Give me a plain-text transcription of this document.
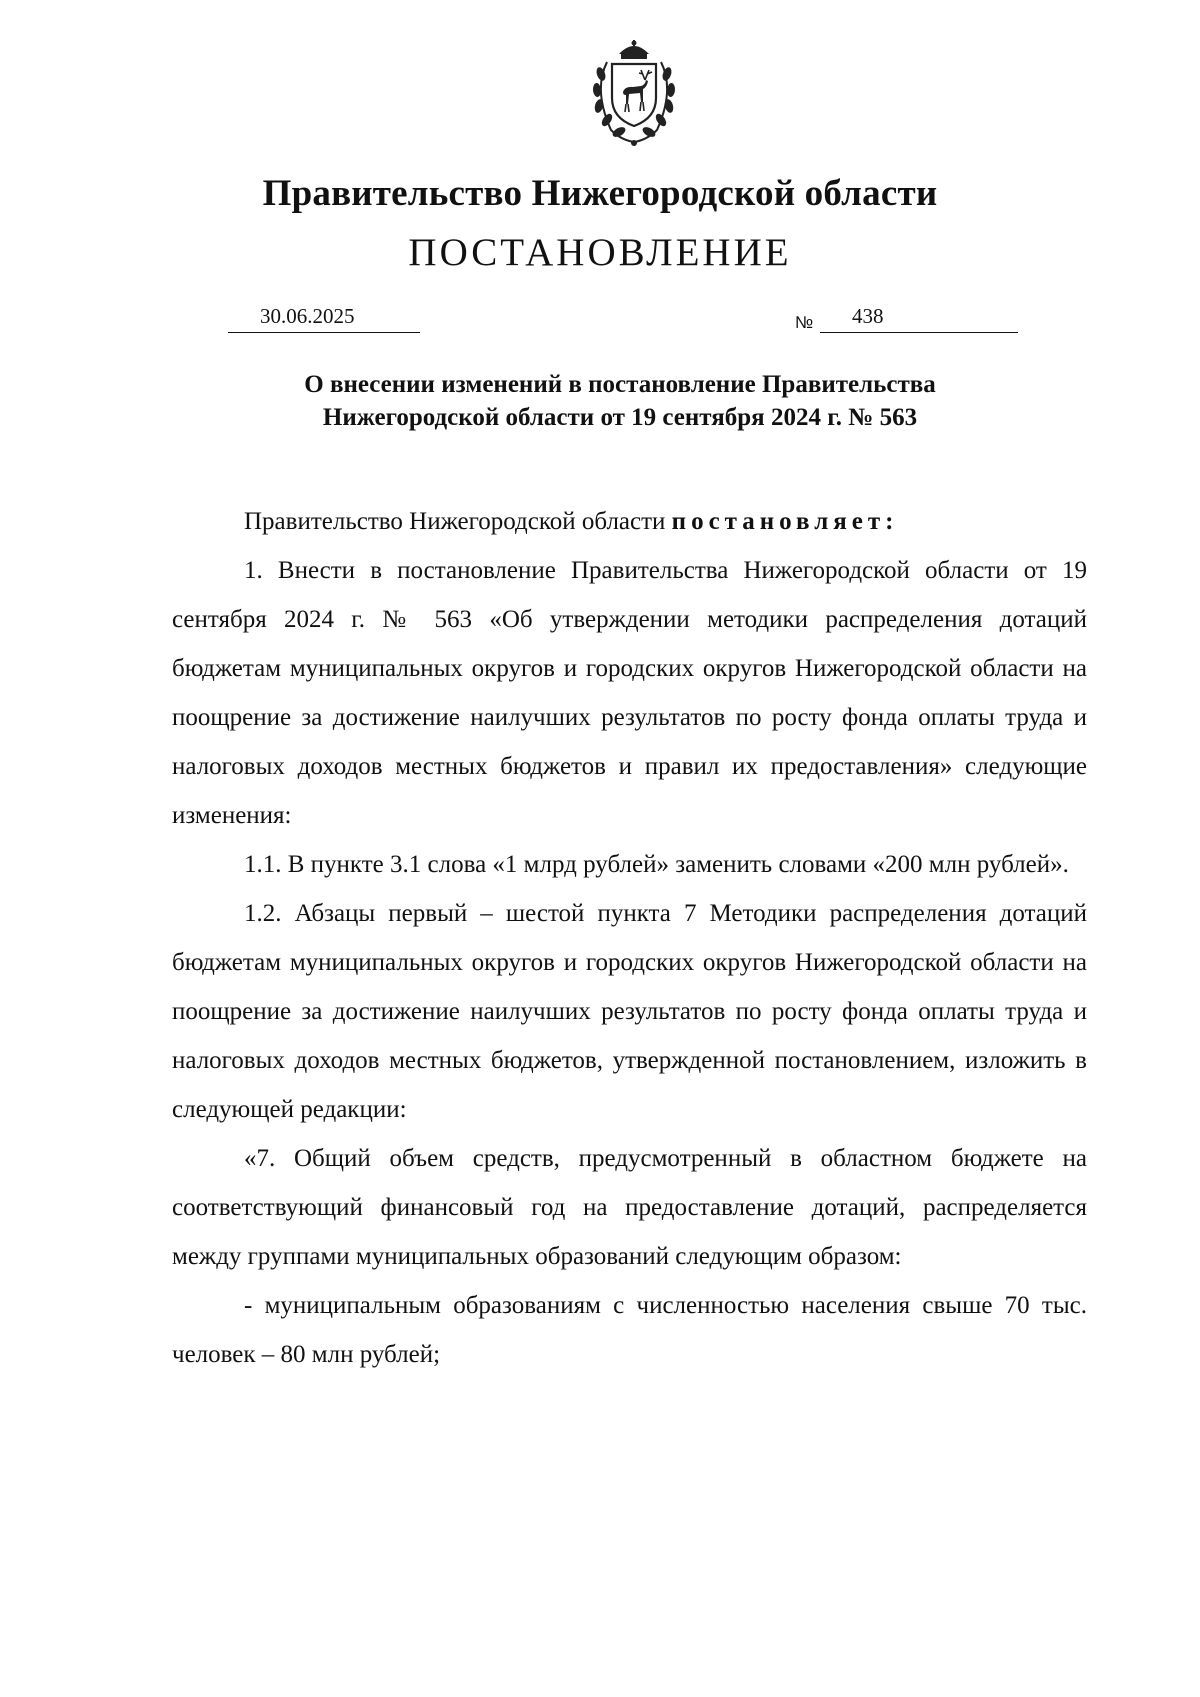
Правительство Нижегородской области
ПОСТАНОВЛЕНИЕ
30.06.2025	№	438
О внесении изменений в постановление Правительства
Нижегородской области от 19 сентября 2024 г. № 563

Правительство Нижегородской области постановляет:

1. Внести в постановление Правительства Нижегородской области от 19 сентября 2024 г. № 563 «Об утверждении методики распределения дотаций бюджетам муниципальных округов и городских округов Нижегородской области на поощрение за достижение наилучших результатов по росту фонда оплаты труда и налоговых доходов местных бюджетов и правил их предоставления» следующие изменения:

1.1. В пункте 3.1 слова «1 млрд рублей» заменить словами «200 млн рублей».

1.2. Абзацы первый – шестой пункта 7 Методики распределения дотаций бюджетам муниципальных округов и городских округов Нижегородской области на поощрение за достижение наилучших результатов по росту фонда оплаты труда и налоговых доходов местных бюджетов, утвержденной постановлением, изложить в следующей редакции:

«7. Общий объем средств, предусмотренный в областном бюджете на соответствующий финансовый год на предоставление дотаций, распределяется между группами муниципальных образований следующим образом:

- муниципальным образованиям с численностью населения свыше 70 тыс. человек – 80 млн рублей;
